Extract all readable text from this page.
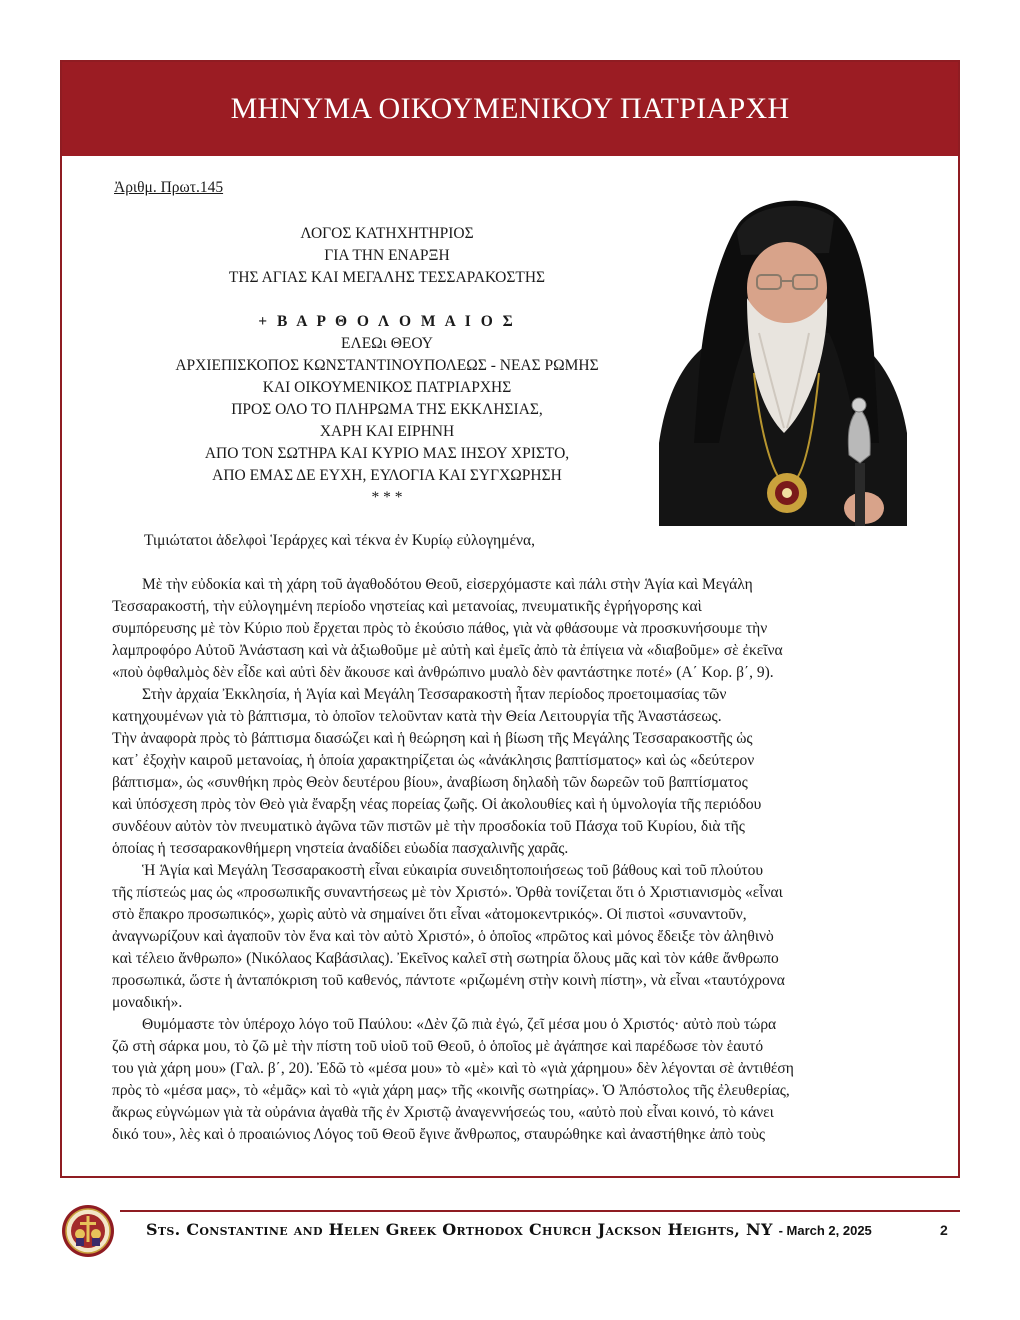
ΜΗΝΥΜΑ ΟΙΚΟΥΜΕΝΙΚΟΥ ΠΑΤΡΙΑΡΧΗ
Ἀριθμ. Πρωτ.145
ΛΟΓΟΣ ΚΑΤΗΧΗΤΗΡΙΟΣ
ΓΙΑ ΤΗΝ ΕΝΑΡΞΗ
ΤΗΣ ΑΓΙΑΣ ΚΑΙ ΜΕΓΑΛΗΣ ΤΕΣΣΑΡΑΚΟΣΤΗΣ
+ Β Α Ρ Θ Ο Λ Ο Μ Α Ι Ο Σ
ΕΛΕΩι ΘΕΟΥ
ΑΡΧΙΕΠΙΣΚΟΠΟΣ ΚΩΝΣΤΑΝΤΙΝΟΥΠΟΛΕΩΣ - ΝΕΑΣ ΡΩΜΗΣ
ΚΑΙ ΟΙΚΟΥΜΕΝΙΚΟΣ ΠΑΤΡΙΑΡΧΗΣ
ΠΡΟΣ ΟΛΟ ΤΟ ΠΛΗΡΩΜΑ ΤΗΣ ΕΚΚΛΗΣΙΑΣ,
ΧΑΡΗ ΚΑΙ ΕΙΡΗΝΗ
ΑΠΟ ΤΟΝ ΣΩΤΗΡΑ ΚΑΙ ΚΥΡΙΟ ΜΑΣ ΙΗΣΟΥ ΧΡΙΣΤΟ,
ΑΠΟ ΕΜΑΣ ΔΕ ΕΥΧΗ, ΕΥΛΟΓΙΑ ΚΑΙ ΣΥΓΧΩΡΗΣΗ
* * *
Τιμιώτατοι ἀδελφοὶ Ἱεράρχες καὶ τέκνα ἐν Κυρίῳ εὐλογημένα,
Μὲ τὴν εὐδοκία καὶ τὴ χάρη τοῦ ἀγαθοδότου Θεοῦ, εἰσερχόμαστε καὶ πάλι στὴν Ἁγία καὶ Μεγάλη
Τεσσαρακοστή, τὴν εὐλογημένη περίοδο νηστείας καὶ μετανοίας, πνευματικῆς ἐγρήγορσης καὶ
συμπόρευσης μὲ τὸν Κύριο ποὺ ἔρχεται πρὸς τὸ ἑκούσιο πάθος, γιὰ νὰ φθάσουμε νὰ προσκυνήσουμε τὴν
λαμπροφόρο Αὐτοῦ Ἀνάσταση καὶ νὰ ἀξιωθοῦμε μὲ αὐτὴ καὶ ἐμεῖς ἀπὸ τὰ ἐπίγεια νὰ «διαβοῦμε» σὲ ἐκεῖνα
«ποὺ ὀφθαλμὸς δὲν εἶδε καὶ αὐτὶ δὲν ἄκουσε καὶ ἀνθρώπινο μυαλὸ δὲν φαντάστηκε ποτέ» (Α΄ Κορ. β΄, 9).
Στὴν ἀρχαία Ἐκκλησία, ἡ Ἁγία καὶ Μεγάλη Τεσσαρακοστὴ ἦταν περίοδος προετοιμασίας τῶν
κατηχουμένων γιὰ τὸ βάπτισμα, τὸ ὁποῖον τελοῦνταν κατὰ τὴν Θεία Λειτουργία τῆς Ἀναστάσεως.
Τὴν ἀναφορὰ πρὸς τὸ βάπτισμα διασώζει καὶ ἡ θεώρηση καὶ ἡ βίωση τῆς Μεγάλης Τεσσαρακοστῆς ὡς
κατ᾽ ἐξοχὴν καιροῦ μετανοίας, ἡ ὁποία χαρακτηρίζεται ὡς «ἀνάκλησις βαπτίσματος» καὶ ὡς «δεύτερον
βάπτισμα», ὡς «συνθήκη πρὸς Θεὸν δευτέρου βίου», ἀναβίωση δηλαδὴ τῶν δωρεῶν τοῦ βαπτίσματος
καὶ ὑπόσχεση πρὸς τὸν Θεὸ γιὰ ἔναρξη νέας πορείας ζωῆς. Οἱ ἀκολουθίες καὶ ἡ ὑμνολογία τῆς περιόδου
συνδέουν αὐτὸν τὸν πνευματικὸ ἀγῶνα τῶν πιστῶν μὲ τὴν προσδοκία τοῦ Πάσχα τοῦ Κυρίου, διὰ τῆς
ὁποίας ἡ τεσσαρακονθήμερη νηστεία ἀναδίδει εὐωδία πασχαλινῆς χαρᾶς.
Ἡ Ἁγία καὶ Μεγάλη Τεσσαρακοστὴ εἶναι εὐκαιρία συνειδητοποιήσεως τοῦ βάθους καὶ τοῦ πλούτου
τῆς πίστεώς μας ὡς «προσωπικῆς συναντήσεως μὲ τὸν Χριστό». Ὀρθὰ τονίζεται ὅτι ὁ Χριστιανισμὸς «εἶναι
στὸ ἔπακρο προσωπικός», χωρὶς αὐτὸ νὰ σημαίνει ὅτι εἶναι «ἀτομοκεντρικός». Οἱ πιστοὶ «συναντοῦν,
ἀναγνωρίζουν καὶ ἀγαποῦν τὸν ἕνα καὶ τὸν αὐτὸ Χριστό», ὁ ὁποῖος «πρῶτος καὶ μόνος ἔδειξε τὸν ἀληθινὸ
καὶ τέλειο ἄνθρωπο» (Νικόλαος Καβάσιλας). Ἐκεῖνος καλεῖ στὴ σωτηρία ὅλους μᾶς καὶ τὸν κάθε ἄνθρωπο
προσωπικά, ὥστε ἡ ἀνταπόκριση τοῦ καθενός, πάντοτε «ριζωμένη στὴν κοινὴ πίστη», νὰ εἶναι «ταυτόχρονα
μοναδική».
Θυμόμαστε τὸν ὑπέροχο λόγο τοῦ Παύλου: «Δὲν ζῶ πιὰ ἐγώ, ζεῖ μέσα μου ὁ Χριστός· αὐτὸ ποὺ τώρα
ζῶ στὴ σάρκα μου, τὸ ζῶ μὲ τὴν πίστη τοῦ υἱοῦ τοῦ Θεοῦ, ὁ ὁποῖος μὲ ἀγάπησε καὶ παρέδωσε τὸν ἑαυτό
του γιὰ χάρη μου» (Γαλ. β΄, 20). Ἐδῶ τὸ «μέσα μου» τὸ «μὲ» καὶ τὸ «γιὰ χάρημου» δὲν λέγονται σὲ ἀντιθέση
πρὸς τὸ «μέσα μας», τὸ «ἐμᾶς» καὶ τὸ «γιὰ χάρη μας» τῆς «κοινῆς σωτηρίας». Ὁ Ἀπόστολος τῆς ἐλευθερίας,
ἄκρως εὐγνώμων γιὰ τὰ οὐράνια ἀγαθὰ τῆς ἐν Χριστῷ ἀναγεννήσεώς του, «αὐτὸ ποὺ εἶναι κοινό, τὸ κάνει
δικό του», λὲς καὶ ὁ προαιώνιος Λόγος τοῦ Θεοῦ ἔγινε ἄνθρωπος, σταυρώθηκε καὶ ἀναστήθηκε ἀπὸ τοὺς
Sts. Constantine and Helen Greek Orthodox Church Jackson Heights, NY - March 2, 2025	2
